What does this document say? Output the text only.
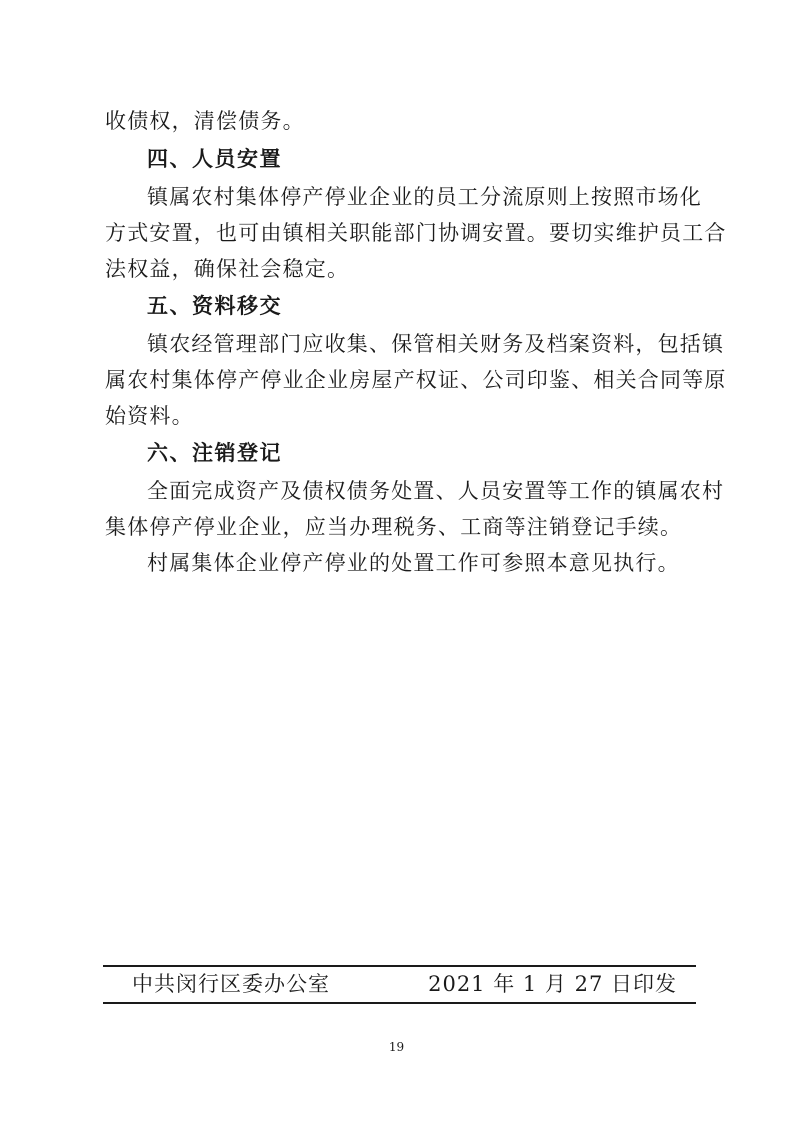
收债权，清偿债务。
四、人员安置
镇属农村集体停产停业企业的员工分流原则上按照市场化
方式安置，也可由镇相关职能部门协调安置。要切实维护员工合
法权益，确保社会稳定。
五、资料移交
镇农经管理部门应收集、保管相关财务及档案资料，包括镇
属农村集体停产停业企业房屋产权证、公司印鉴、相关合同等原
始资料。
六、注销登记
全面完成资产及债权债务处置、人员安置等工作的镇属农村
集体停产停业企业，应当办理税务、工商等注销登记手续。
村属集体企业停产停业的处置工作可参照本意见执行。
中共闵行区委办公室	2021 年 1 月 27 日印发
19
